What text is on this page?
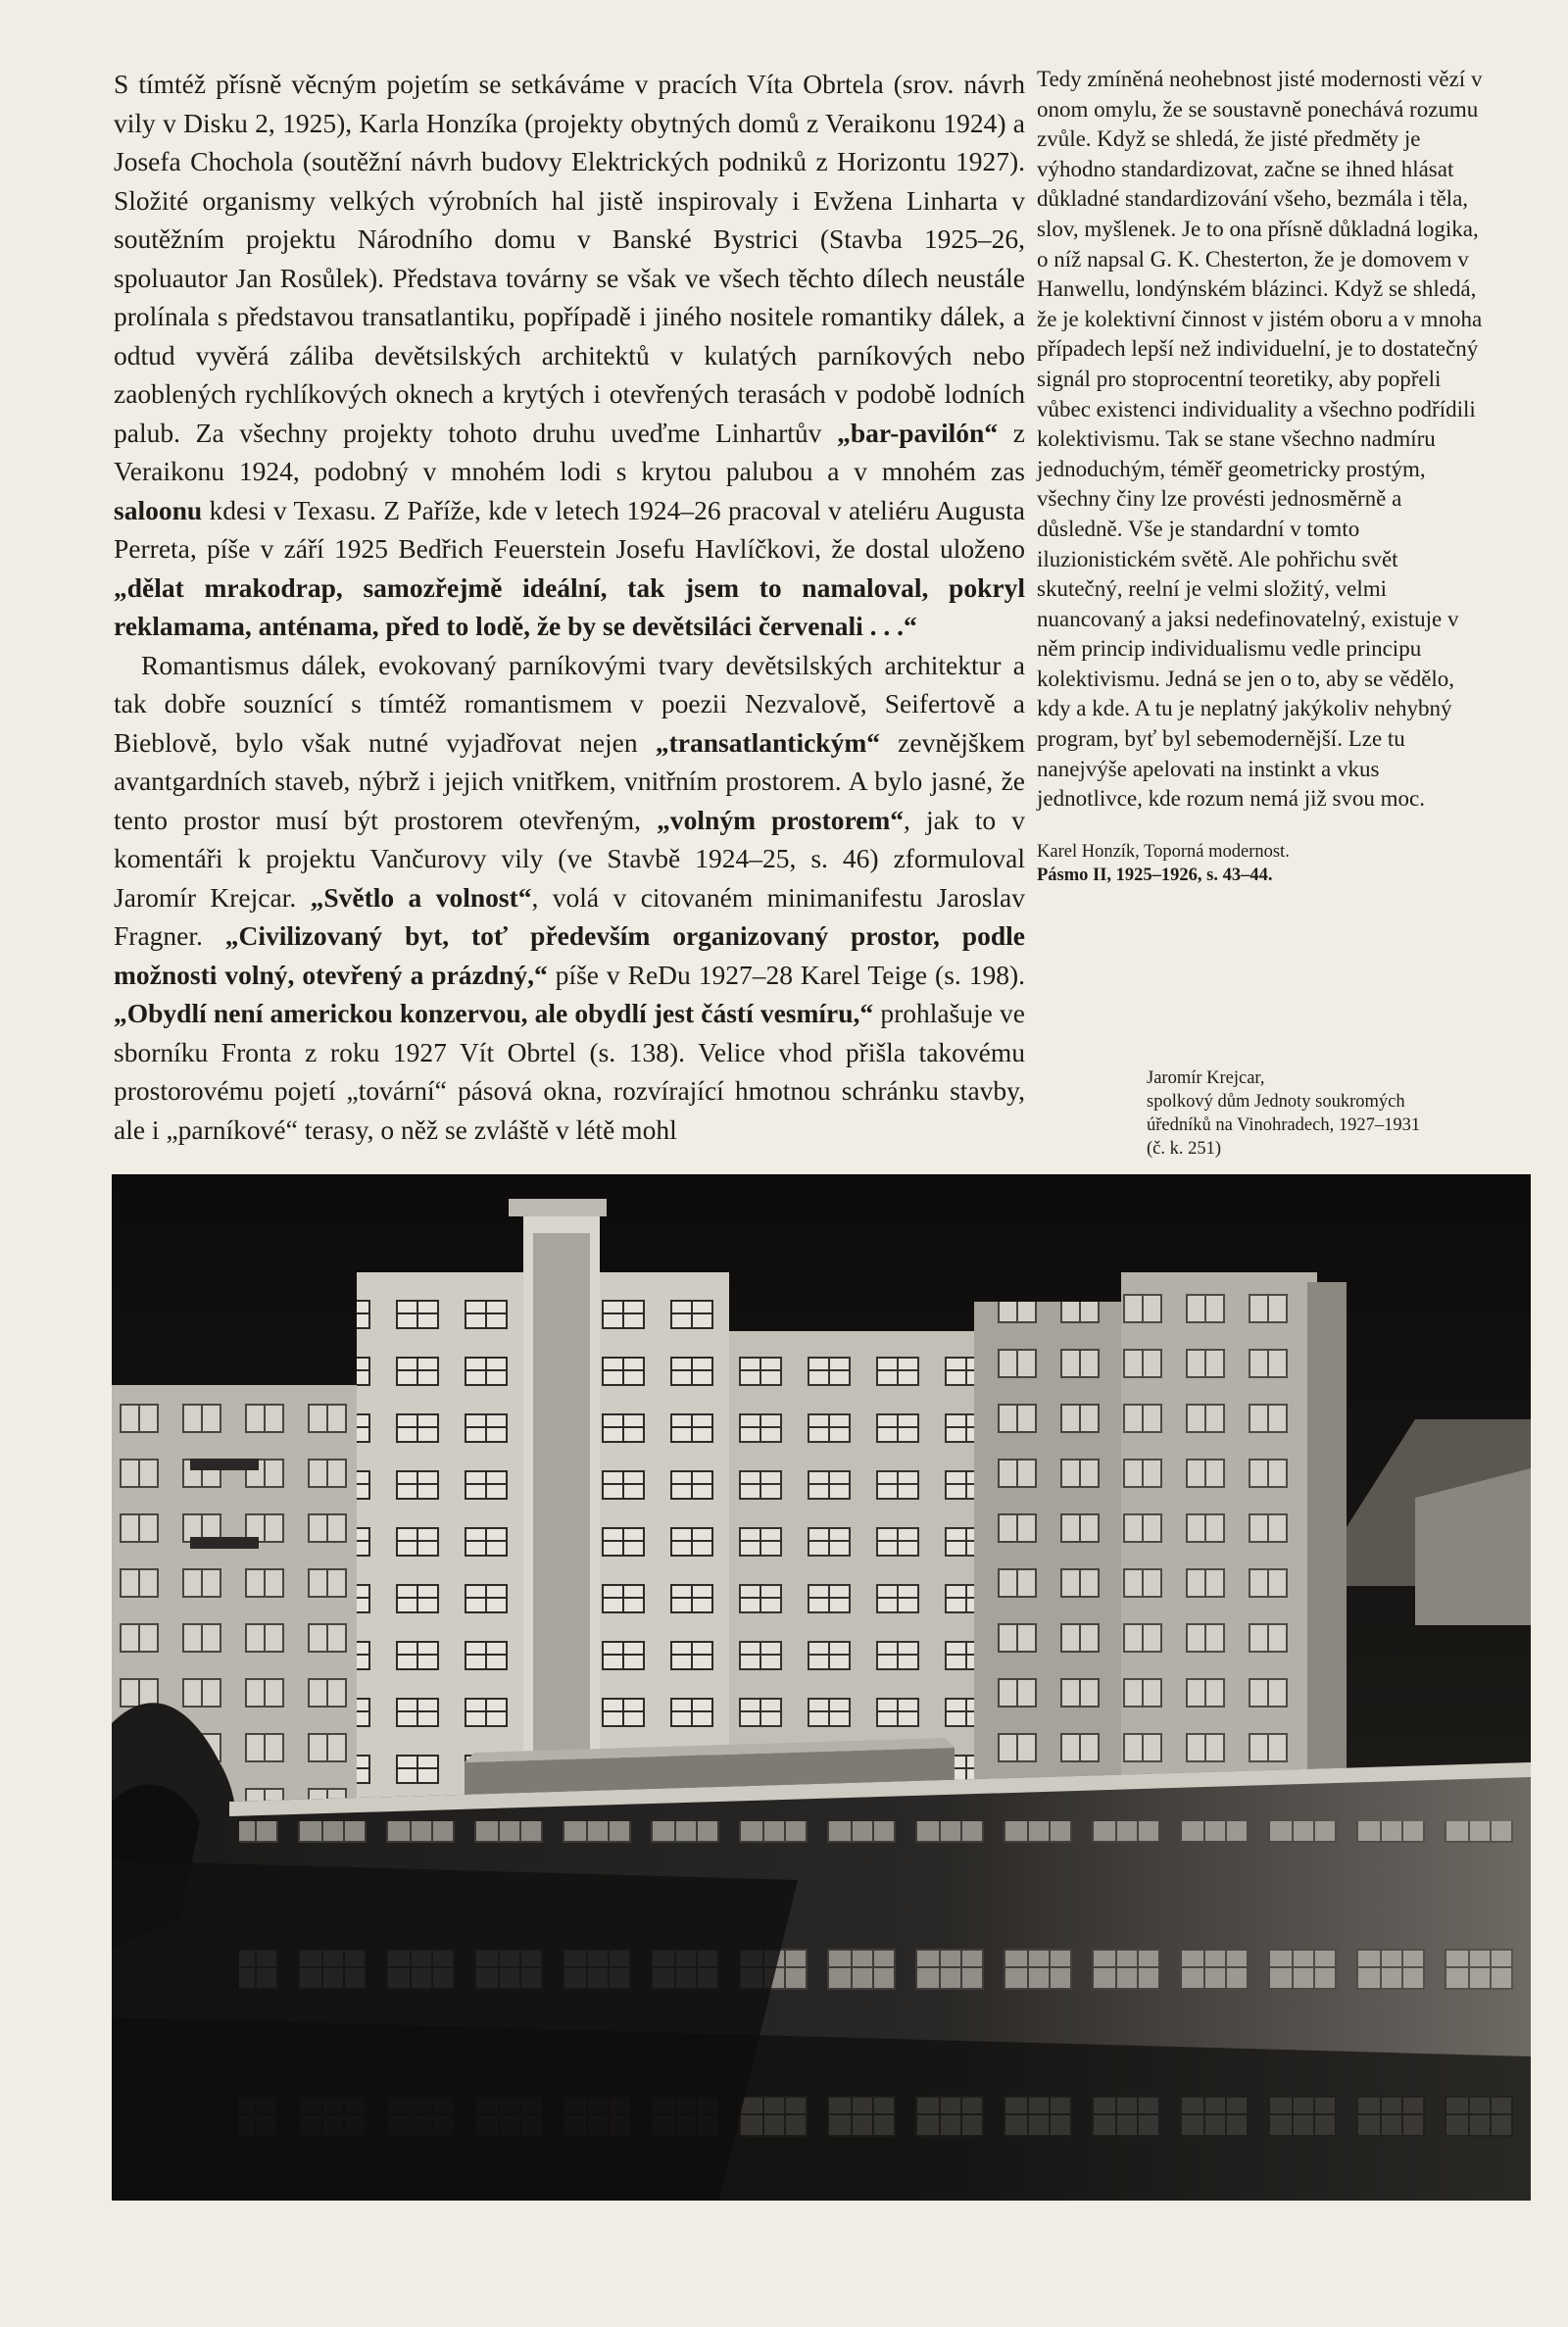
S tímtéž přísně věcným pojetím se setkáváme v pracích Víta Obrtela (srov. návrh vily v Disku 2, 1925), Karla Honzíka (projekty obytných domů z Veraikonu 1924) a Josefa Chochola (soutěžní návrh budovy Elektrických podniků z Horizontu 1927). Složité organismy velkých výrobních hal jistě inspirovaly i Evžena Linharta v soutěžním projektu Národního domu v Banské Bystrici (Stavba 1925–26, spoluautor Jan Rosůlek). Představa továrny se však ve všech těchto dílech neustále prolínala s představou transatlantiku, popřípadě i jiného nositele romantiky dálek, a odtud vyvěrá záliba devětsilských architektů v kulatých parníkových nebo zaoblených rychlíkových oknech a krytých i otevřených terasách v podobě lodních palub. Za všechny projekty tohoto druhu uveďme Linhartův „bar-pavilón“ z Veraikonu 1924, podobný v mnohém lodi s krytou palubou a v mnohém zas saloonu kdesi v Texasu. Z Paříže, kde v letech 1924–26 pracoval v ateliéru Augusta Perreta, píše v září 1925 Bedřich Feuerstein Josefu Havlíčkovi, že dostal uloženo „dělat mrakodrap, samozřejmě ideální, tak jsem to namaloval, pokryl reklamama, anténama, před to lodě, že by se devětsiláci červenali . . .“

Romantismus dálek, evokovaný parníkovými tvary devětsilských architektur a tak dobře souznící s tímtéž romantismem v poezii Nezvalově, Seifertově a Bieblově, bylo však nutné vyjadřovat nejen „transatlantickým“ zevnějškem avantgardních staveb, nýbrž i jejich vnitřkem, vnitřním prostorem. A bylo jasné, že tento prostor musí být prostorem otevřeným, „volným prostorem“, jak to v komentáři k projektu Vančurovy vily (ve Stavbě 1924–25, s. 46) zformuloval Jaromír Krejcar. „Světlo a volnost“, volá v citovaném minimanifestu Jaroslav Fragner. „Civilizovaný byt, toť především organizovaný prostor, podle možnosti volný, otevřený a prázdný,“ píše v ReDu 1927–28 Karel Teige (s. 198). „Obydlí není americkou konzervou, ale obydlí jest částí vesmíru,“ prohlašuje ve sborníku Fronta z roku 1927 Vít Obrtel (s. 138). Velice vhod přišla takovému prostorovému pojetí „tovární“ pásová okna, rozvírající hmotnou schránku stavby, ale i „parníkové“ terasy, o něž se zvláště v létě mohl

Tedy zmíněná neohebnost jisté modernosti vězí v onom omylu, že se soustavně ponechává rozumu zvůle. Když se shledá, že jisté předměty je výhodno standardizovat, začne se ihned hlásat důkladné standardizování všeho, bezmála i těla, slov, myšlenek. Je to ona přísně důkladná logika, o níž napsal G. K. Chesterton, že je domovem v Hanwellu, londýnském blázinci. Když se shledá, že je kolektivní činnost v jistém oboru a v mnoha případech lepší než individuelní, je to dostatečný signál pro stoprocentní teoretiky, aby popřeli vůbec existenci individuality a všechno podřídili kolektivismu. Tak se stane všechno nadmíru jednoduchým, téměř geometricky prostým, všechny činy lze provésti jednosměrně a důsledně. Vše je standardní v tomto iluzionistickém světě. Ale pohřichu svět skutečný, reelní je velmi složitý, velmi nuancovaný a jaksi nedefinovatelný, existuje v něm princip individualismu vedle principu kolektivismu. Jedná se jen o to, aby se vědělo, kdy a kde. A tu je neplatný jakýkoliv nehybný program, byť byl sebemodernější. Lze tu nanejvýše apelovati na instinkt a vkus jednotlivce, kde rozum nemá již svou moc.

Karel Honzík, Toporná modernost.
Pásmo II, 1925–1926, s. 43–44.
Jaromír Krejcar,
spolkový dům Jednoty soukromých
úředníků na Vinohradech, 1927–1931
(č. k. 251)
